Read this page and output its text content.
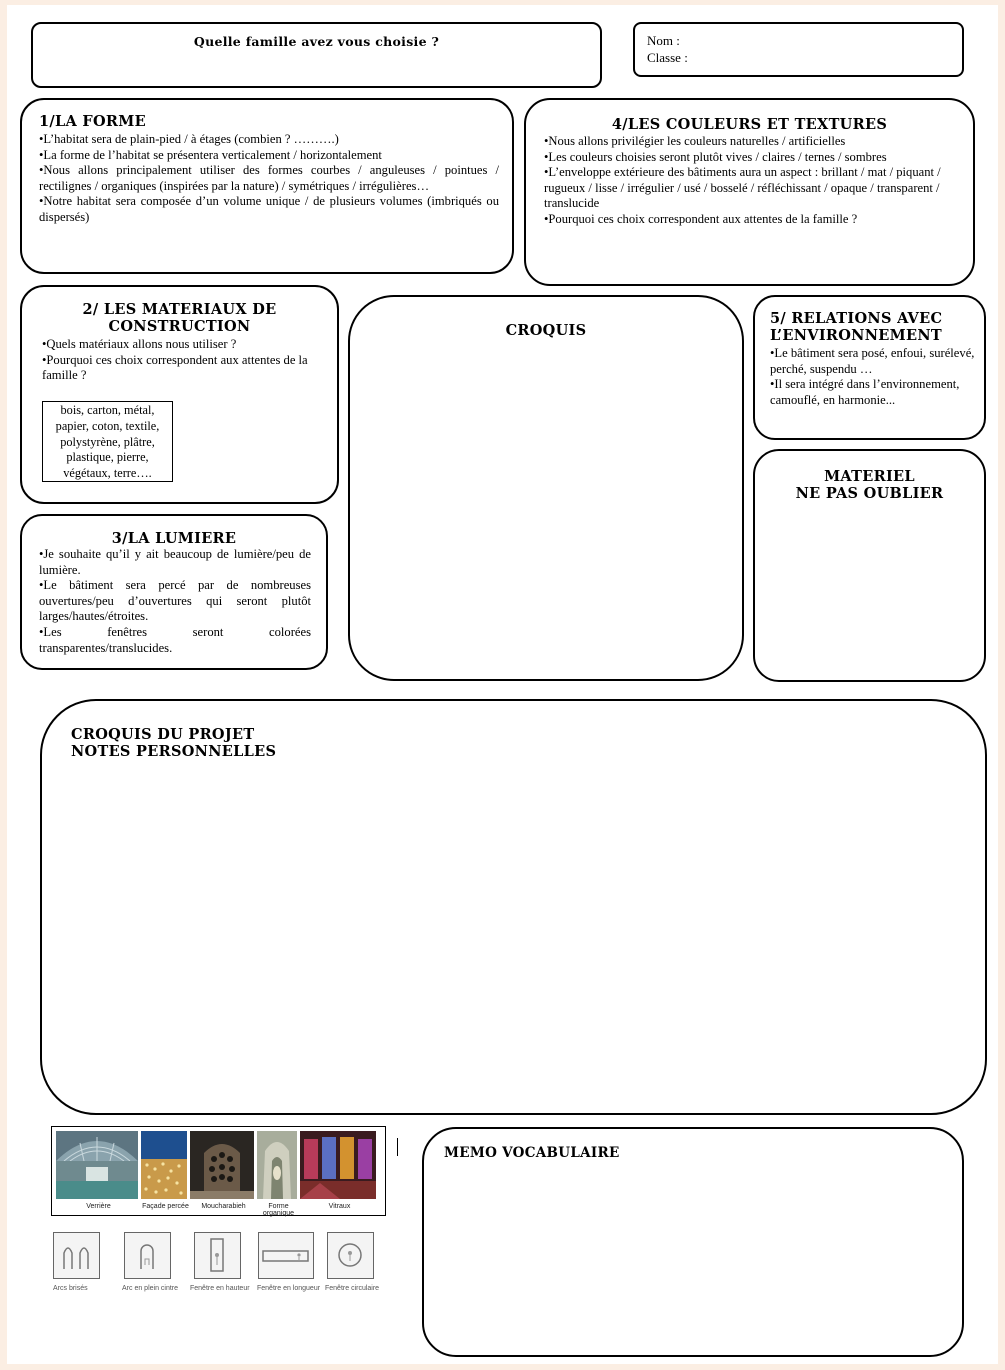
Quelle famille avez vous choisie ?	Nom :
Classe :
1/LA FORME

•L’habitat sera de plain-pied / à étages (combien ? ……….)

•La forme de l’habitat se présentera verticalement / horizontalement

•Nous allons principalement utiliser des formes courbes / anguleuses / pointues / rectilignes / organiques (inspirées par la nature) / symétriques / irrégulières…

•Notre habitat sera composée d’un volume unique / de plusieurs volumes (imbriqués ou dispersés)

4/LES COULEURS ET TEXTURES

•Nous allons privilégier les couleurs naturelles / artificielles

•Les couleurs choisies seront plutôt vives / claires / ternes / sombres

•L’enveloppe extérieure des bâtiments aura un aspect : brillant / mat / piquant / rugueux / lisse / irrégulier / usé / bosselé / réfléchissant / opaque / transparent / translucide

•Pourquoi ces choix correspondent aux attentes de la famille ?

2/ LES MATERIAUX DE
CONSTRUCTION

•Quels matériaux allons nous utiliser ?

•Pourquoi ces choix correspondent aux attentes de la famille ?

bois, carton, métal, papier, coton, textile, polystyrène, plâtre, plastique, pierre, végétaux, terre….
CROQUIS
5/ RELATIONS AVEC
L’ENVIRONNEMENT

•Le bâtiment sera posé, enfoui, surélevé, perché, suspendu …

•Il sera intégré dans l’environnement, camouflé, en harmonie...

MATERIEL
NE PAS OUBLIER
3/LA LUMIERE

•Je souhaite qu’il y ait beaucoup de lumière/peu de lumière.

•Le bâtiment sera percé par de nombreuses ouvertures/peu d’ouvertures qui seront plutôt larges/hautes/étroites.

•Les fenêtres seront colorées transparentes/translucides.

CROQUIS DU PROJET
NOTES PERSONNELLES
Verrière	Façade percée	Moucharabieh	Forme organique
Vitraux
Arcs brisés	Arc en plein cintre Fenêtre en hauteur Fenêtre en longueur Fenêtre circulaire
MEMO VOCABULAIRE
